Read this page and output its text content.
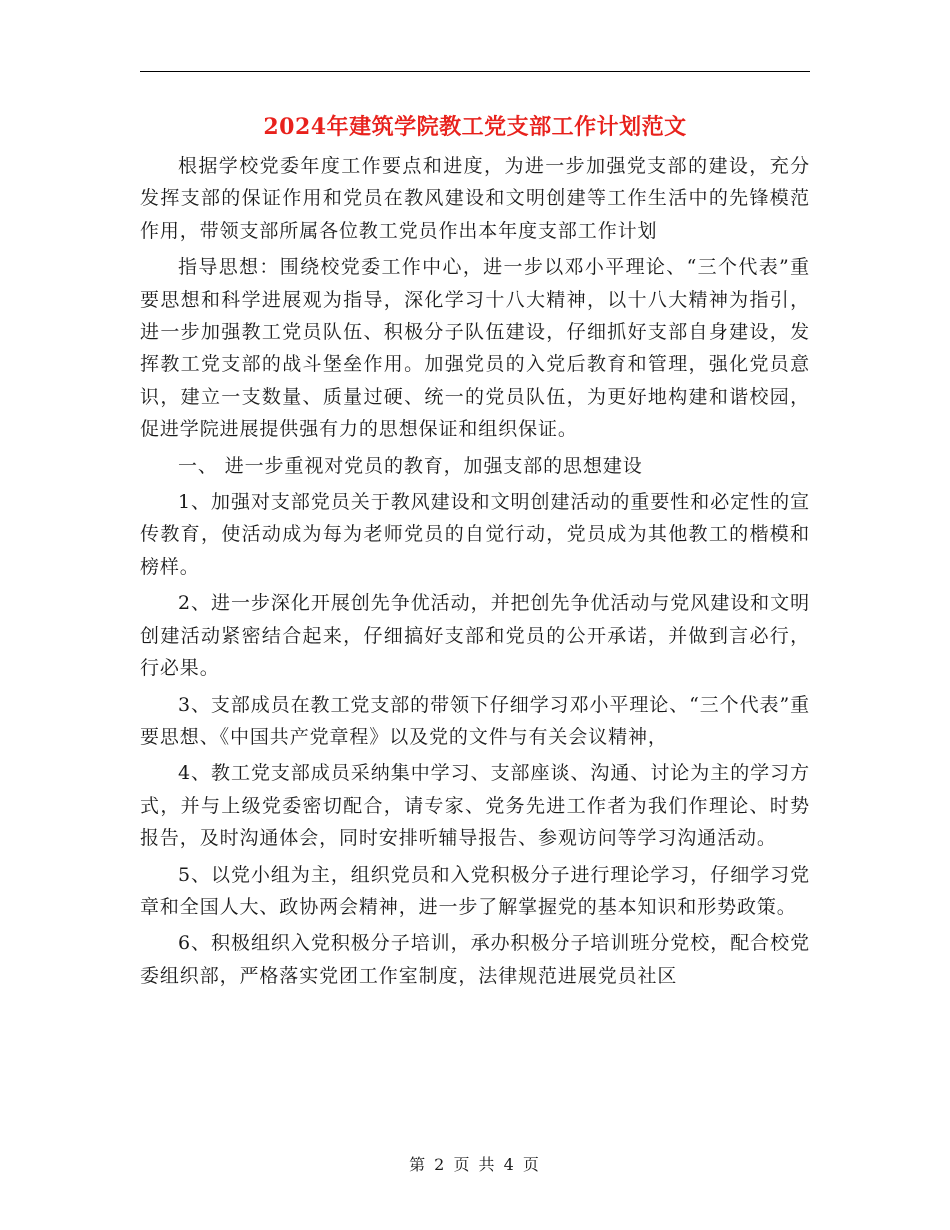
2024年建筑学院教工党支部工作计划范文

根据学校党委年度工作要点和进度，为进一步加强党支部的建设，充分发挥支部的保证作用和党员在教风建设和文明创建等工作生活中的先锋模范作用，带领支部所属各位教工党员作出本年度支部工作计划

指导思想：围绕校党委工作中心，进一步以邓小平理论、“三个代表”重要思想和科学进展观为指导，深化学习十八大精神，以十八大精神为指引，进一步加强教工党员队伍、积极分子队伍建设，仔细抓好支部自身建设，发挥教工党支部的战斗堡垒作用。加强党员的入党后教育和管理，强化党员意识，建立一支数量、质量过硬、统一的党员队伍，为更好地构建和谐校园，促进学院进展提供强有力的思想保证和组织保证。

一、 进一步重视对党员的教育，加强支部的思想建设

1、加强对支部党员关于教风建设和文明创建活动的重要性和必定性的宣传教育，使活动成为每为老师党员的自觉行动，党员成为其他教工的楷模和榜样。

2、进一步深化开展创先争优活动，并把创先争优活动与党风建设和文明创建活动紧密结合起来，仔细搞好支部和党员的公开承诺，并做到言必行，行必果。

3、支部成员在教工党支部的带领下仔细学习邓小平理论、“三个代表”重要思想、《中国共产党章程》以及党的文件与有关会议精神，

4、教工党支部成员采纳集中学习、支部座谈、沟通、讨论为主的学习方式，并与上级党委密切配合，请专家、党务先进工作者为我们作理论、时势报告，及时沟通体会，同时安排听辅导报告、参观访问等学习沟通活动。

5、以党小组为主，组织党员和入党积极分子进行理论学习，仔细学习党章和全国人大、政协两会精神，进一步了解掌握党的基本知识和形势政策。

6、积极组织入党积极分子培训，承办积极分子培训班分党校，配合校党委组织部，严格落实党团工作室制度，法律规范进展党员社区

第 2 页 共 4 页
